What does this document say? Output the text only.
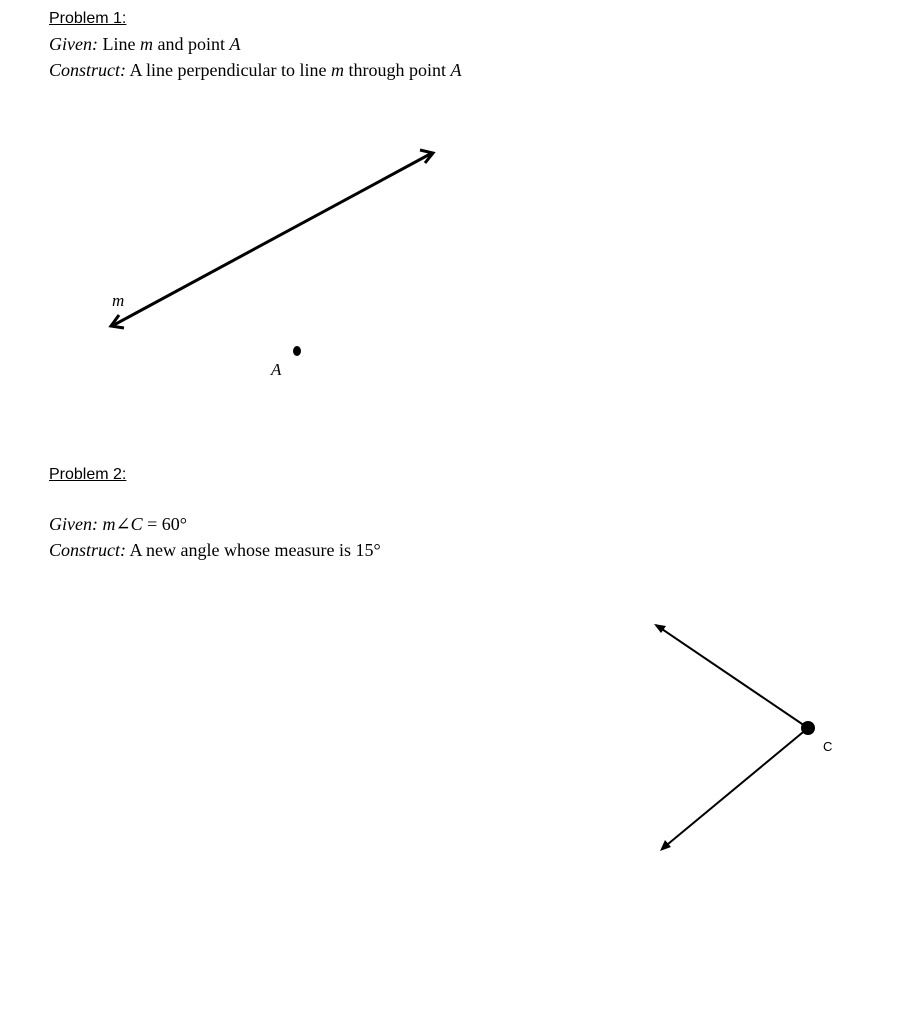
Problem 1:
Given: Line m and point A
Construct: A line perpendicular to line m through point A
Problem 2:
Given: m∠C = 60°
Construct: A new angle whose measure is 15°
m
A
C
